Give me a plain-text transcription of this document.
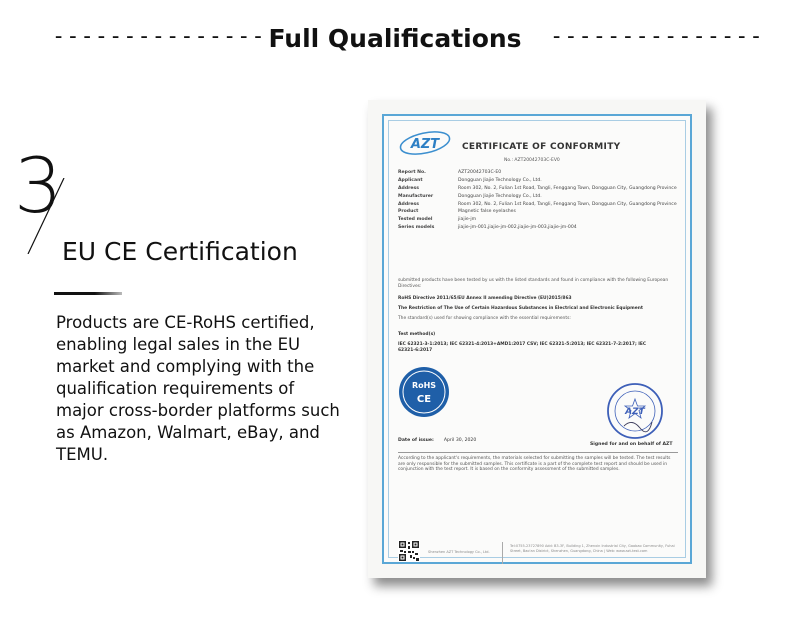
--------------- Full Qualifications	---------------
3
EU CE Certification
Products are CE-RoHS certified, enabling legal sales in the EU market and complying with the qualification requirements of major cross-border platforms such as Amazon, Walmart, eBay, and TEMU.
AZT	CERTIFICATE OF CONFORMITY
No.: AZT20042703C-EV0
Report No.	AZT20042703C-E0
Applicant	Dongguan Jiajie Technology Co., Ltd.
Address	Room 302, No. 2, Fulian 1st Road, Tangli, Fenggang Town, Dongguan City, Guangdong Province
Manufacturer	Dongguan Jiajie Technology Co., Ltd.
Address	Room 302, No. 2, Fulian 1st Road, Tangli, Fenggang Town, Dongguan City, Guangdong Province
Product	Magnetic false eyelashes
Tested model	jiajie-jm
Series models	jiajie-jm-001,jiajie-jm-002,jiajie-jm-003,jiajie-jm-004
submitted products have been tested by us with the listed standards and found in compliance with the following European Directives:
RoHS Directive 2011/65/EU Annex II amending Directive (EU)2015/863
The Restriction of The Use of Certain Hazardous Substances in Electrical and Electronic Equipment
The standard(s) used for showing compliance with the essential requirements:
Test method(s)
IEC 62321-3-1:2013; IEC 62321-4:2013+AMD1:2017 CSV; IEC 62321-5:2013; IEC 62321-7-2:2017; IEC 62321-6:2017
RoHS
CE
AZT
Date of issue: April 30, 2020
Signed for and on behalf of AZT
According to the applicant's requirements, the materials selected for submitting the samples will be tested. The test results are only responsible for the submitted samples. This certificate is a part of the complete test report and should be used in conjunction with the test report. It is based on the conformity assessment of the submitted samples.
Shenzhen AZT Technology Co., Ltd.
Tel:0755-23727890 Add: B3-3F, Building 1, Zhenxin Industrial City, Gaobao Community, Fuhai Street, Bao'an District, Shenzhen, Guangdong, China | Web: www.azt-test.com
